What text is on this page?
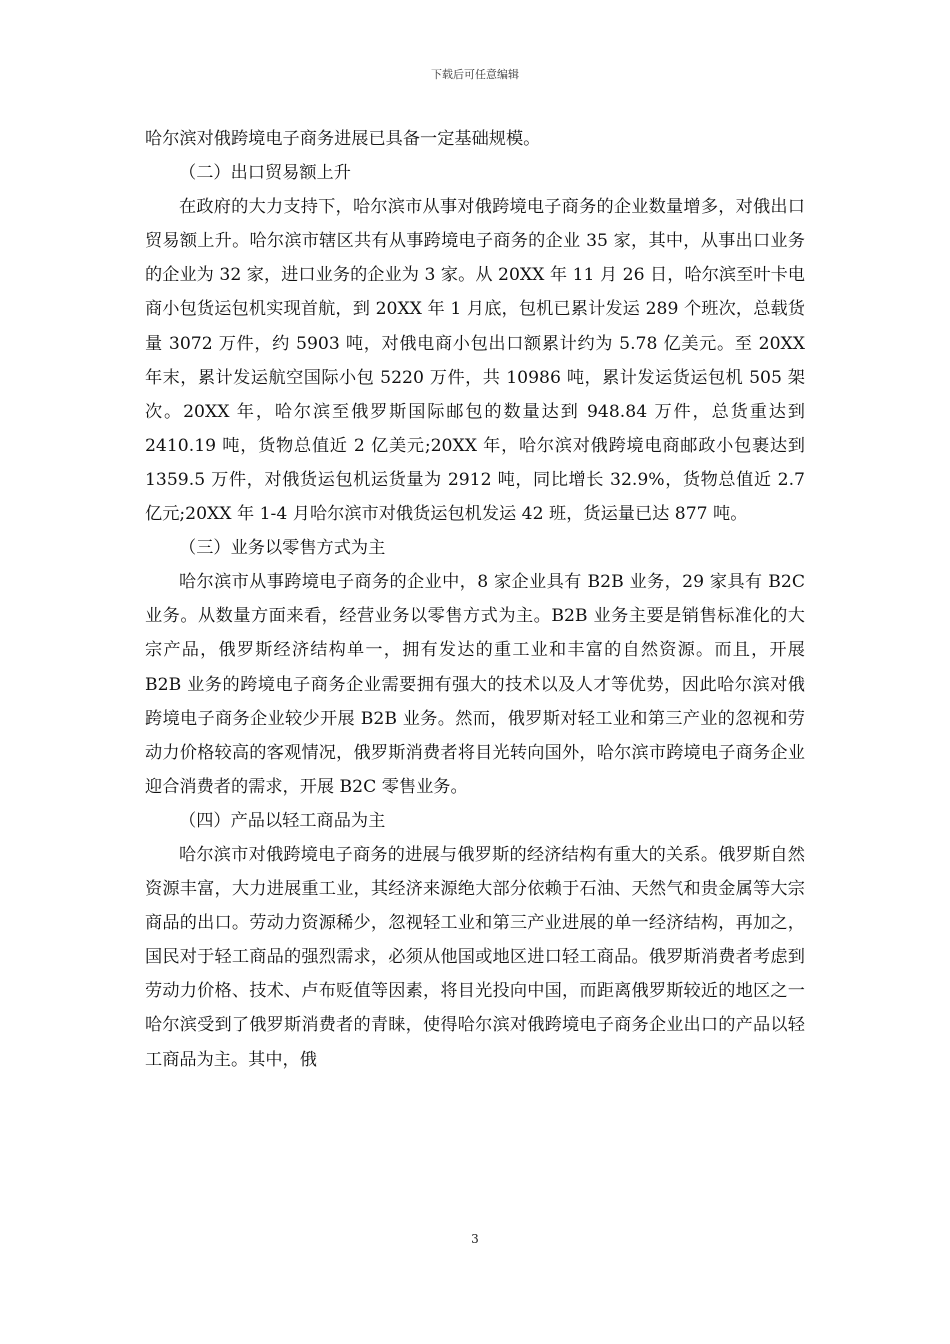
下载后可任意编辑

哈尔滨对俄跨境电子商务进展已具备一定基础规模。

（二）出口贸易额上升

在政府的大力支持下，哈尔滨市从事对俄跨境电子商务的企业数量增多，对俄出口贸易额上升。哈尔滨市辖区共有从事跨境电子商务的企业 35 家，其中，从事出口业务的企业为 32 家，进口业务的企业为 3 家。从 20XX 年 11 月 26 日，哈尔滨至叶卡电商小包货运包机实现首航，到 20XX 年 1 月底，包机已累计发运 289 个班次，总载货量 3072 万件，约 5903 吨，对俄电商小包出口额累计约为 5.78 亿美元。至 20XX 年末，累计发运航空国际小包 5220 万件，共 10986 吨，累计发运货运包机 505 架次。20XX 年，哈尔滨至俄罗斯国际邮包的数量达到 948.84 万件，总货重达到 2410.19 吨，货物总值近 2 亿美元;20XX 年，哈尔滨对俄跨境电商邮政小包裹达到 1359.5 万件，对俄货运包机运货量为 2912 吨，同比增长 32.9%，货物总值近 2.7 亿元;20XX 年 1-4 月哈尔滨市对俄货运包机发运 42 班，货运量已达 877 吨。

（三）业务以零售方式为主

哈尔滨市从事跨境电子商务的企业中，8 家企业具有 B2B 业务，29 家具有 B2C 业务。从数量方面来看，经营业务以零售方式为主。B2B 业务主要是销售标准化的大宗产品，俄罗斯经济结构单一，拥有发达的重工业和丰富的自然资源。而且，开展 B2B 业务的跨境电子商务企业需要拥有强大的技术以及人才等优势，因此哈尔滨对俄跨境电子商务企业较少开展 B2B 业务。然而，俄罗斯对轻工业和第三产业的忽视和劳动力价格较高的客观情况，俄罗斯消费者将目光转向国外，哈尔滨市跨境电子商务企业迎合消费者的需求，开展 B2C 零售业务。

（四）产品以轻工商品为主

哈尔滨市对俄跨境电子商务的进展与俄罗斯的经济结构有重大的关系。俄罗斯自然资源丰富，大力进展重工业，其经济来源绝大部分依赖于石油、天然气和贵金属等大宗商品的出口。劳动力资源稀少，忽视轻工业和第三产业进展的单一经济结构，再加之，国民对于轻工商品的强烈需求，必须从他国或地区进口轻工商品。俄罗斯消费者考虑到劳动力价格、技术、卢布贬值等因素，将目光投向中国，而距离俄罗斯较近的地区之一哈尔滨受到了俄罗斯消费者的青睐，使得哈尔滨对俄跨境电子商务企业出口的产品以轻工商品为主。其中，俄

3
